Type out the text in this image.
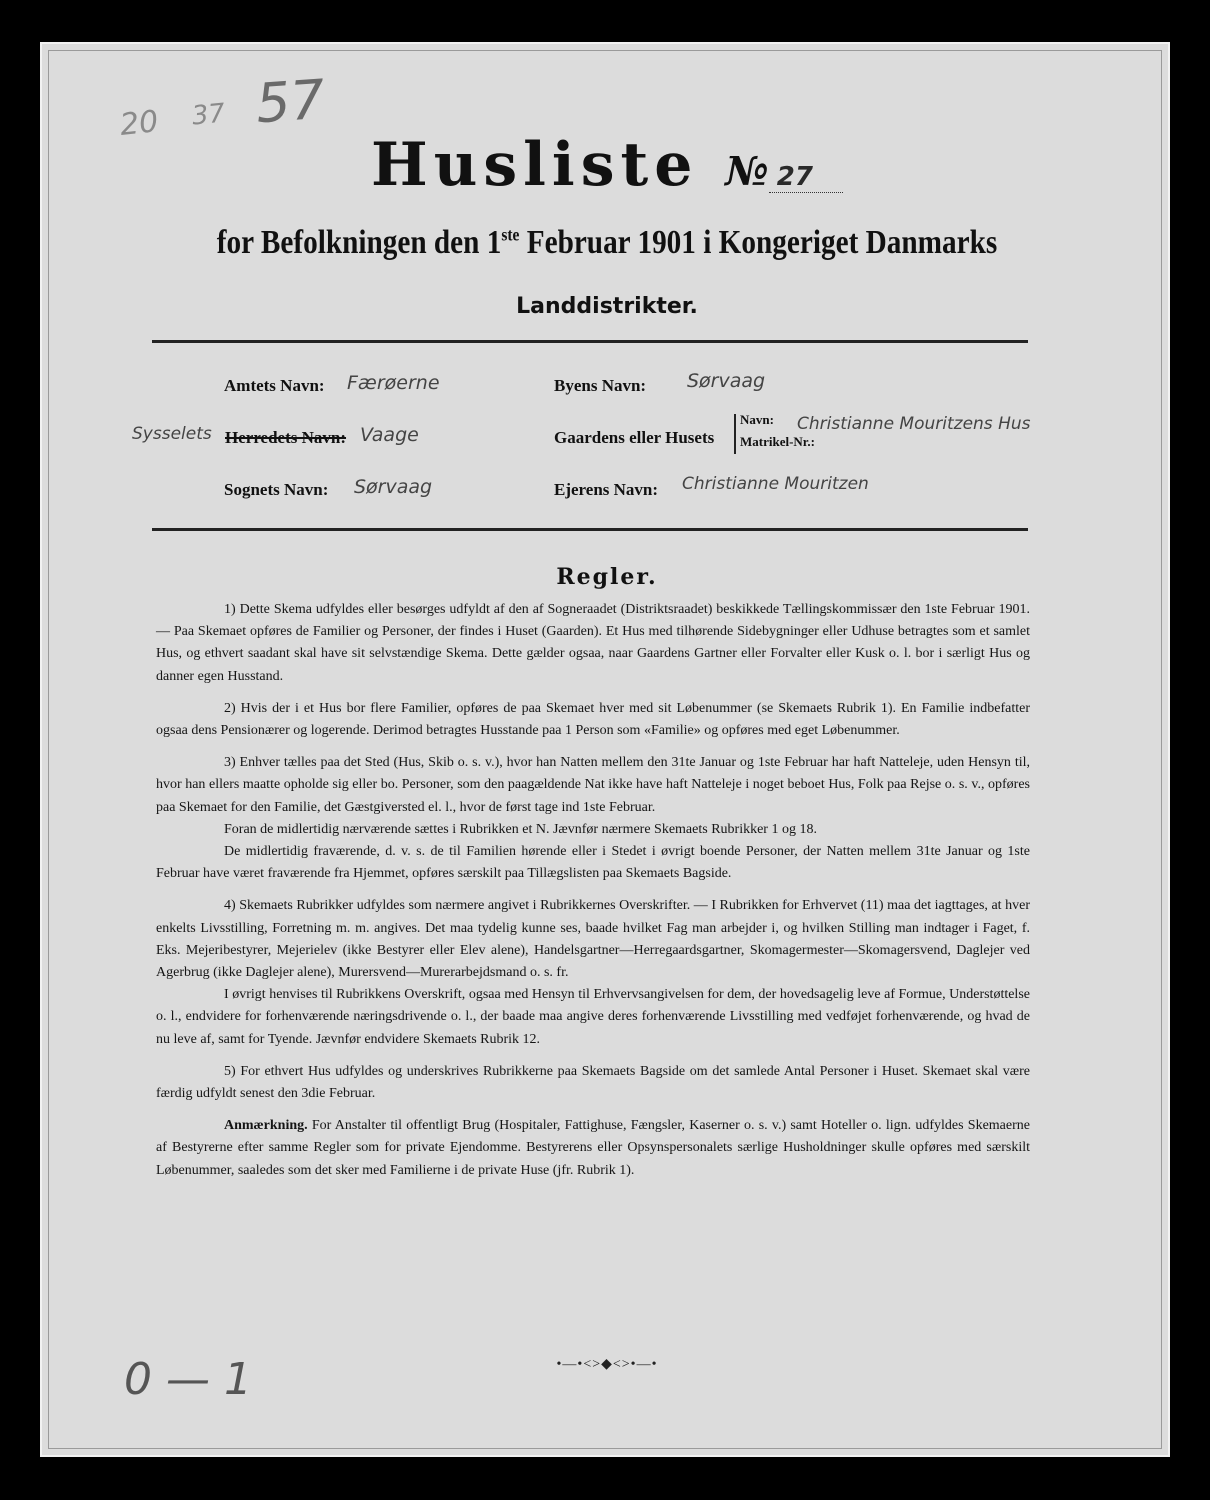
20 37 57
Husliste № 27
for Befolkningen den 1ste Februar 1901 i Kongeriget Danmarks
Landdistrikter.
Amtets Navn: Færøerne
Sysselets Herredets Navn: Vaage
Sognets Navn: Sørvaag
Byens Navn: Sørvaag
Gaardens eller Husets
Navn:
Matrikel-Nr.:
Christianne Mouritzens Hus
Ejerens Navn: Christianne Mouritzen
Regler.

1) Dette Skema udfyldes eller besørges udfyldt af den af Sogneraadet (Distriktsraadet) beskikkede Tællingskommissær den 1ste Februar 1901. — Paa Skemaet opføres de Familier og Personer, der findes i Huset (Gaarden). Et Hus med tilhørende Sidebygninger eller Udhuse betragtes som et samlet Hus, og ethvert saadant skal have sit selvstændige Skema. Dette gælder ogsaa, naar Gaardens Gartner eller Forvalter eller Kusk o. l. bor i særligt Hus og danner egen Husstand.

2) Hvis der i et Hus bor flere Familier, opføres de paa Skemaet hver med sit Løbenummer (se Skemaets Rubrik 1). En Familie indbefatter ogsaa dens Pensionærer og logerende. Derimod betragtes Husstande paa 1 Person som «Familie» og opføres med eget Løbenummer.

3) Enhver tælles paa det Sted (Hus, Skib o. s. v.), hvor han Natten mellem den 31te Januar og 1ste Februar har haft Natteleje, uden Hensyn til, hvor han ellers maatte opholde sig eller bo. Personer, som den paagældende Nat ikke have haft Natteleje i noget beboet Hus, Folk paa Rejse o. s. v., opføres paa Skemaet for den Familie, det Gæstgiversted el. l., hvor de først tage ind 1ste Februar.

Foran de midlertidig nærværende sættes i Rubrikken et N. Jævnfør nærmere Skemaets Rubrikker 1 og 18.

De midlertidig fraværende, d. v. s. de til Familien hørende eller i Stedet i øvrigt boende Personer, der Natten mellem 31te Januar og 1ste Februar have været fraværende fra Hjemmet, opføres særskilt paa Tillægslisten paa Skemaets Bagside.

4) Skemaets Rubrikker udfyldes som nærmere angivet i Rubrikkernes Overskrifter. — I Rubrikken for Erhvervet (11) maa det iagttages, at hver enkelts Livsstilling, Forretning m. m. angives. Det maa tydelig kunne ses, baade hvilket Fag man arbejder i, og hvilken Stilling man indtager i Faget, f. Eks. Mejeribestyrer, Mejerielev (ikke Bestyrer eller Elev alene), Handelsgartner—Herregaardsgartner, Skomagermester—Skomagersvend, Daglejer ved Agerbrug (ikke Daglejer alene), Murersvend—Murerarbejdsmand o. s. fr.

I øvrigt henvises til Rubrikkens Overskrift, ogsaa med Hensyn til Erhvervsangivelsen for dem, der hovedsagelig leve af Formue, Understøttelse o. l., endvidere for forhenværende næringsdrivende o. l., der baade maa angive deres forhenværende Livsstilling med vedføjet forhenværende, og hvad de nu leve af, samt for Tyende. Jævnfør endvidere Skemaets Rubrik 12.

5) For ethvert Hus udfyldes og underskrives Rubrikkerne paa Skemaets Bagside om det samlede Antal Personer i Huset. Skemaet skal være færdig udfyldt senest den 3die Februar.

Anmærkning. For Anstalter til offentligt Brug (Hospitaler, Fattighuse, Fængsler, Kaserner o. s. v.) samt Hoteller o. lign. udfyldes Skemaerne af Bestyrerne efter samme Regler som for private Ejendomme. Bestyrerens eller Opsynspersonalets særlige Husholdninger skulle opføres med særskilt Løbenummer, saaledes som det sker med Familierne i de private Huse (jfr. Rubrik 1).

•—•<>◆<>•—•
0 — 1
